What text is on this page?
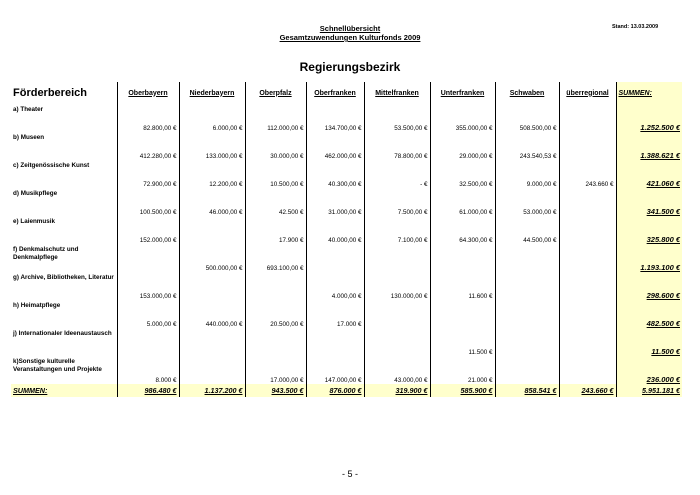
Schnellübersicht
Gesamtzuwendungen Kulturfonds 2009
Stand: 13.03.2009
Regierungsbezirk
Förderbereich	Oberbayern	Niederbayern	Oberpfalz	Oberfranken	Mittelfranken	Unterfranken	Schwaben	überregional	SUMMEN:
a) Theater	82.800,00 €	6.000,00 €	112.000,00 €	134.700,00 €	53.500,00 €	355.000,00 €	508.500,00 €		1.252.500 €
b) Museen	412.280,00 €	133.000,00 €	30.000,00 €	462.000,00 €	78.800,00 €	29.000,00 €	243.540,53 €		1.388.621 €
c) Zeitgenössische Kunst	72.900,00 €	12.200,00 €	10.500,00 €	40.300,00 €	- €	32.500,00 €	9.000,00 €	243.660 €	421.060 €
d) Musikpflege	100.500,00 €	46.000,00 €	42.500 €	31.000,00 €	7.500,00 €	61.000,00 €	53.000,00 €		341.500 €
e) Laienmusik	152.000,00 €		17.900 €	40.000,00 €	7.100,00 €	64.300,00 €	44.500,00 €		325.800 €
f) Denkmalschutz und Denkmalpflege		500.000,00 €	693.100,00 €						1.193.100 €
g) Archive, Bibliotheken, Literatur	153.000,00 €			4.000,00 €	130.000,00 €	11.600 €			298.600 €
h) Heimatpflege	5.000,00 €	440.000,00 €	20.500,00 €	17.000 €					482.500 €
j) Internationaler Ideenaustausch						11.500 €			11.500 €
k)Sonstige kulturelle Veranstaltungen und Projekte	8.000 €		17.000,00 €	147.000,00 €	43.000,00 €	21.000 €			236.000 €
SUMMEN:	986.480 €	1.137.200 €	943.500 €	876.000 €	319.900 €	585.900 €	858.541 €	243.660 €	5.951.181 €
- 5 -
